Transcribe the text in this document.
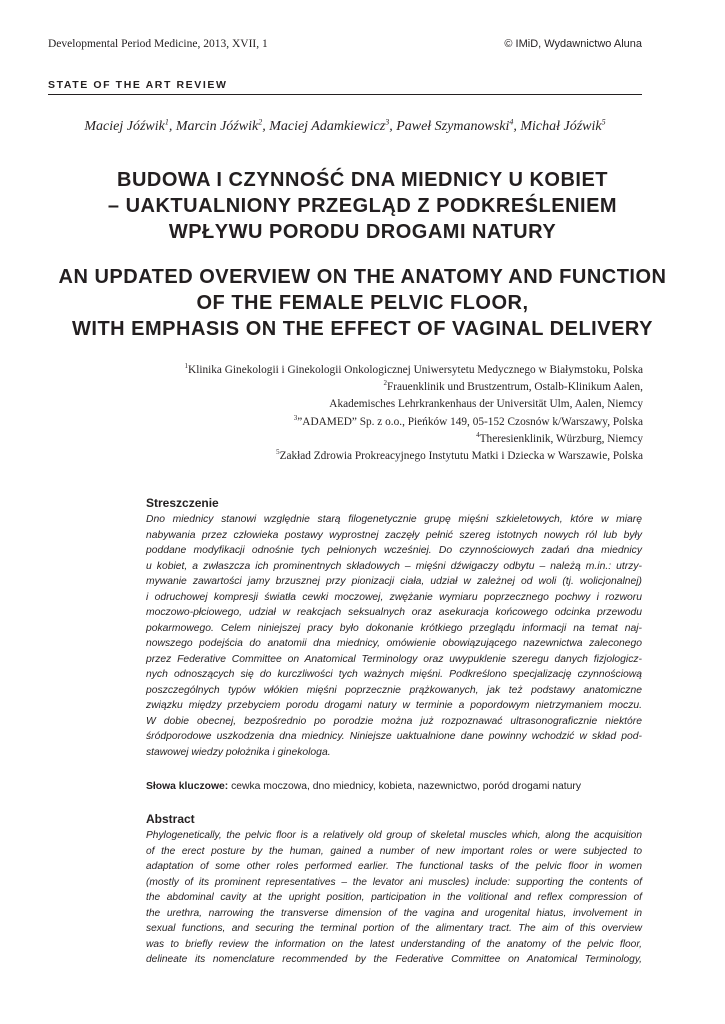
Developmental Period Medicine, 2013, XVII, 1	© IMiD, Wydawnictwo Aluna
STATE OF THE ART REVIEW
Maciej Jóźwik$^1$, Marcin Jóźwik$^2$, Maciej Adamkiewicz$^3$, Paweł Szymanowski$^4$, Michał Jóźwik$^5$
BUDOWA I CZYNNOŚĆ DNA MIEDNICY U KOBIET
– UAKTUALNIONY PRZEGLĄD Z PODKREŚLENIEM
WPŁYWU PORODU DROGAMI NATURY
AN UPDATED OVERVIEW ON THE ANATOMY AND FUNCTION
OF THE FEMALE PELVIC FLOOR,
WITH EMPHASIS ON THE EFFECT OF VAGINAL DELIVERY
$^1$Klinika Ginekologii i Ginekologii Onkologicznej Uniwersytetu Medycznego w Białymstoku, Polska
$^2$Frauenklinik und Brustzentrum, Ostalb-Klinikum Aalen,
Akademisches Lehrkrankenhaus der Universität Ulm, Aalen, Niemcy
$^3$”ADAMED” Sp. z o.o., Pieńków 149, 05-152 Czosnów k/Warszawy, Polska
$^4$Theresienklinik, Würzburg, Niemcy
$^5$Zakład Zdrowia Prokreacyjnego Instytutu Matki i Dziecka w Warszawie, Polska
Streszczenie
Dno miednicy stanowi względnie starą filogenetycznie grupę mięśni szkieletowych, które w miarę
nabywania przez człowieka postawy wyprostnej zaczęły pełnić szereg istotnych nowych ról lub były
poddane modyfikacji odnośnie tych pełnionych wcześniej. Do czynnościowych zadań dna miednicy
u kobiet, a zwłaszcza ich prominentnych składowych – mięśni dźwigaczy odbytu – należą m.in.: utrzy-
mywanie zawartości jamy brzusznej przy pionizacji ciała, udział w zależnej od woli (tj. wolicjonalnej)
i odruchowej kompresji światła cewki moczowej, zwężanie wymiaru poprzecznego pochwy i rozworu
moczowo-płciowego, udział w reakcjach seksualnych oraz asekuracja końcowego odcinka przewodu
pokarmowego. Celem niniejszej pracy było dokonanie krótkiego przeglądu informacji na temat naj-
nowszego podejścia do anatomii dna miednicy, omówienie obowiązującego nazewnictwa zaleconego
przez Federative Committee on Anatomical Terminology oraz uwypuklenie szeregu danych fizjologicz-
nych odnoszących się do kurczliwości tych ważnych mięśni. Podkreślono specjalizację czynnościową
poszczególnych typów włókien mięśni poprzecznie prążkowanych, jak też podstawy anatomiczne
związku między przebyciem porodu drogami natury w terminie a popordowym nietrzymaniem moczu.
W dobie obecnej, bezpośrednio po porodzie można już rozpoznawać ultrasonograficznie niektóre
śródporodowe uszkodzenia dna miednicy. Niniejsze uaktualnione dane powinny wchodzić w skład pod-
stawowej wiedzy położnika i ginekologa.
Słowa kluczowe: cewka moczowa, dno miednicy, kobieta, nazewnictwo, poród drogami natury
Abstract
Phylogenetically, the pelvic floor is a relatively old group of skeletal muscles which, along the acquisition
of the erect posture by the human, gained a number of new important roles or were subjected to
adaptation of some other roles performed earlier. The functional tasks of the pelvic floor in women
(mostly of its prominent representatives – the levator ani muscles) include: supporting the contents of
the abdominal cavity at the upright position, participation in the volitional and reflex compression of
the urethra, narrowing the transverse dimension of the vagina and urogenital hiatus, involvement in
sexual functions, and securing the terminal portion of the alimentary tract. The aim of this overview
was to briefly review the information on the latest understanding of the anatomy of the pelvic floor,
delineate its nomenclature recommended by the Federative Committee on Anatomical Terminology,
